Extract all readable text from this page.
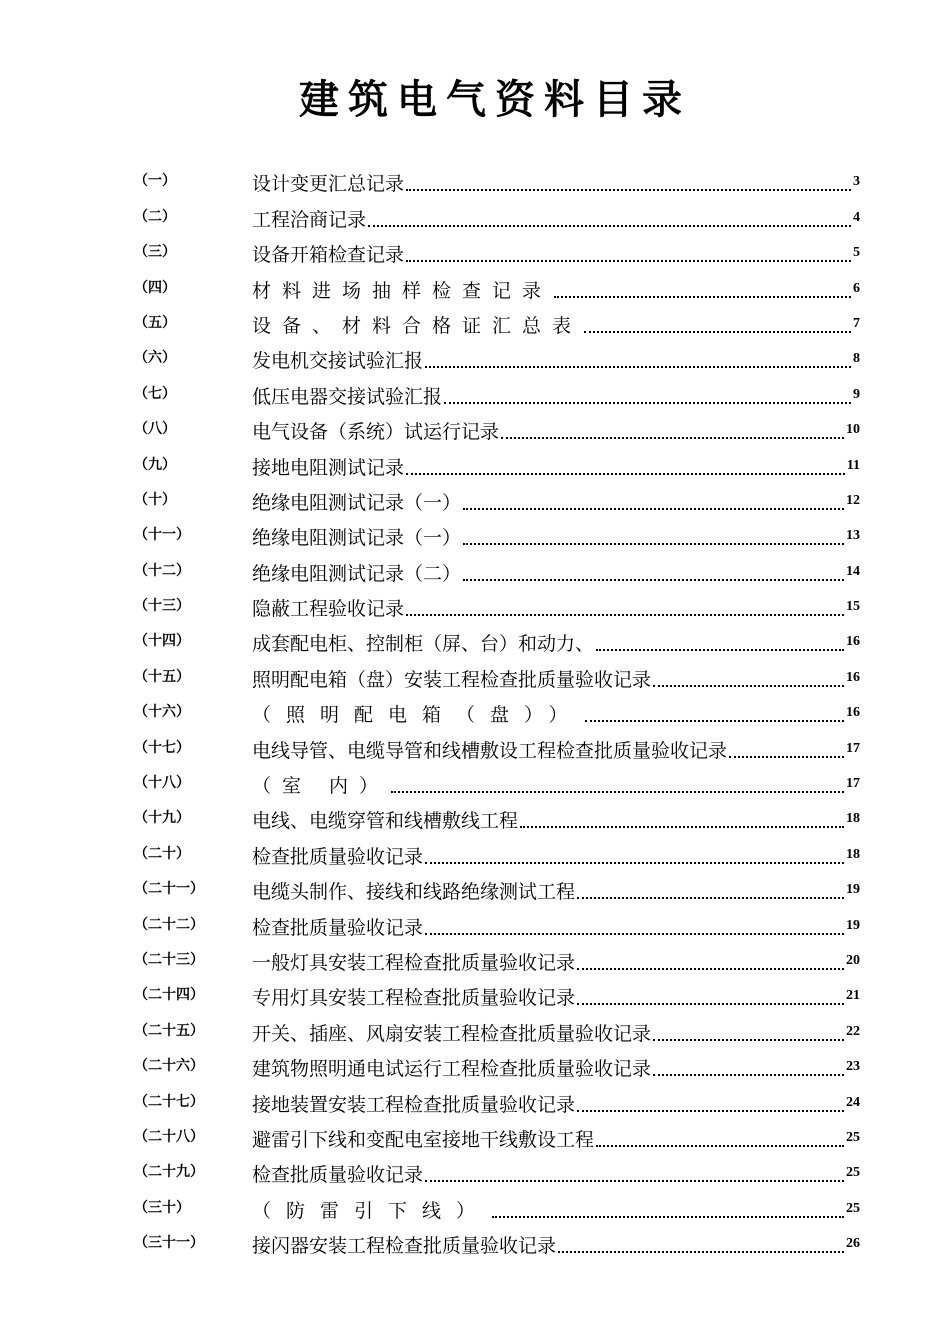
建筑电气资料目录
（一）	设计变更汇总记录	3
（二）	工程洽商记录	4
（三）	设备开箱检查记录	5
（四）	材料进场抽样检查记录	6
（五）	设备、材料合格证汇总表	7
（六）	发电机交接试验汇报	8
（七）	低压电器交接试验汇报	9
（八）	电气设备（系统）试运行记录	10
（九）	接地电阻测试记录	11
（十）	绝缘电阻测试记录（一）	12
（十一）	绝缘电阻测试记录（一）	13
（十二）	绝缘电阻测试记录（二）	14
（十三）	隐蔽工程验收记录	15
（十四）	成套配电柜、控制柜（屏、台）和动力、	16
（十五）	照明配电箱（盘）安装工程检查批质量验收记录	16
（十六）	（照明配电箱（盘））	16
（十七）	电线导管、电缆导管和线槽敷设工程检查批质量验收记录	17
（十八）	（室 内）	17
（十九）	电线、电缆穿管和线槽敷线工程	18
（二十）	检查批质量验收记录	18
（二十一）	电缆头制作、接线和线路绝缘测试工程	19
（二十二）	检查批质量验收记录	19
（二十三）	一般灯具安装工程检查批质量验收记录	20
（二十四）	专用灯具安装工程检查批质量验收记录	21
（二十五）	开关、插座、风扇安装工程检查批质量验收记录	22
（二十六）	建筑物照明通电试运行工程检查批质量验收记录	23
（二十七）	接地装置安装工程检查批质量验收记录	24
（二十八）	避雷引下线和变配电室接地干线敷设工程	25
（二十九）	检查批质量验收记录	25
（三十）	（防雷引下线）	25
（三十一）	接闪器安装工程检查批质量验收记录	26
